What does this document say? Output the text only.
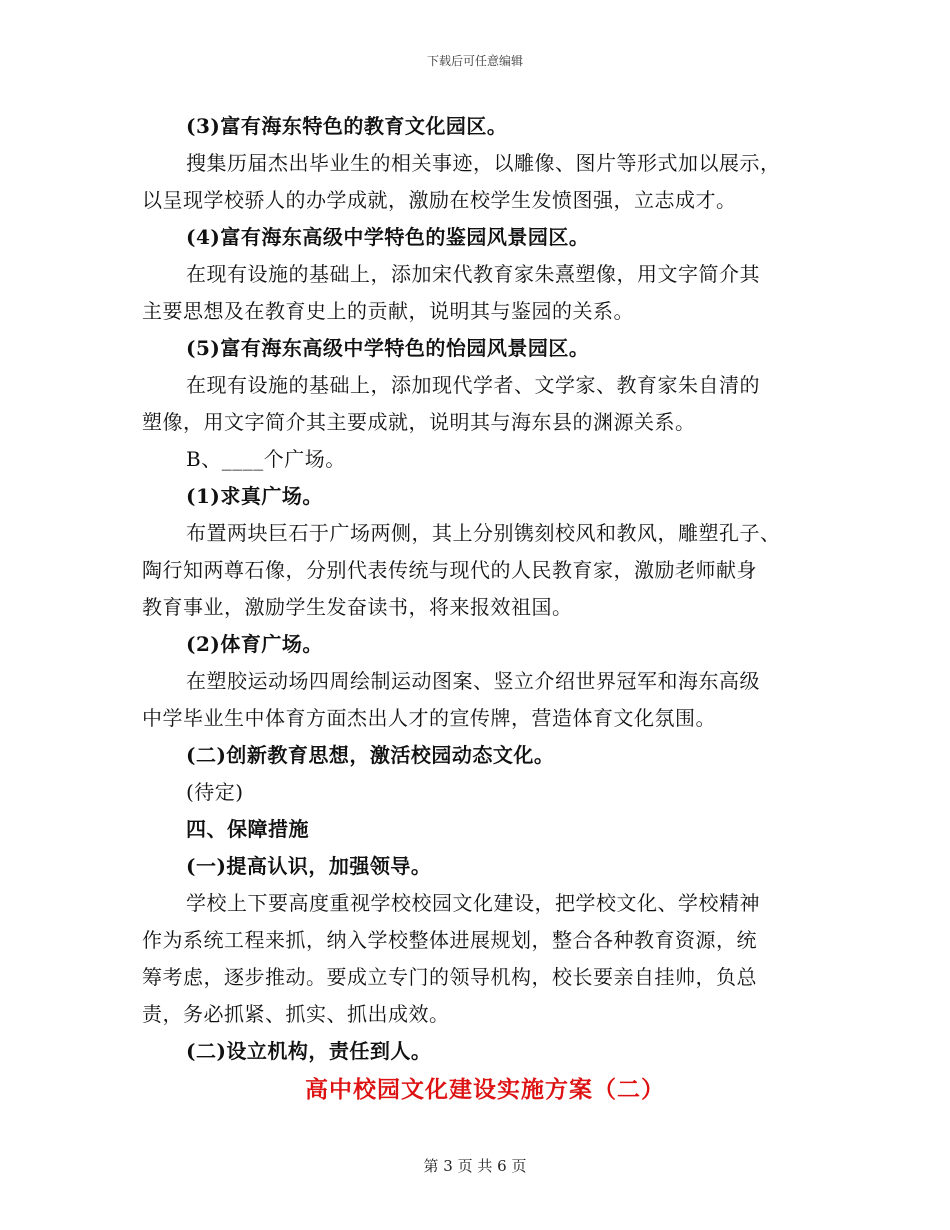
下载后可任意编辑
(3)富有海东特色的教育文化园区。
搜集历届杰出毕业生的相关事迹，以雕像、图片等形式加以展示，
以呈现学校骄人的办学成就，激励在校学生发愤图强，立志成才。
(4)富有海东高级中学特色的鉴园风景园区。
在现有设施的基础上，添加宋代教育家朱熹塑像，用文字简介其
主要思想及在教育史上的贡献，说明其与鉴园的关系。
(5)富有海东高级中学特色的怡园风景园区。
在现有设施的基础上，添加现代学者、文学家、教育家朱自清的
塑像，用文字简介其主要成就，说明其与海东县的渊源关系。
B、____个广场。
(1)求真广场。
布置两块巨石于广场两侧，其上分别镌刻校风和教风，雕塑孔子、
陶行知两尊石像，分别代表传统与现代的人民教育家，激励老师献身
教育事业，激励学生发奋读书，将来报效祖国。
(2)体育广场。
在塑胶运动场四周绘制运动图案、竖立介绍世界冠军和海东高级
中学毕业生中体育方面杰出人才的宣传牌，营造体育文化氛围。
(二)创新教育思想，激活校园动态文化。
(待定)
四、保障措施
(一)提高认识，加强领导。
学校上下要高度重视学校校园文化建设，把学校文化、学校精神
作为系统工程来抓，纳入学校整体进展规划，整合各种教育资源，统
筹考虑，逐步推动。要成立专门的领导机构，校长要亲自挂帅，负总
责，务必抓紧、抓实、抓出成效。
(二)设立机构，责任到人。
高中校园文化建设实施方案（二）
第 3 页 共 6 页
